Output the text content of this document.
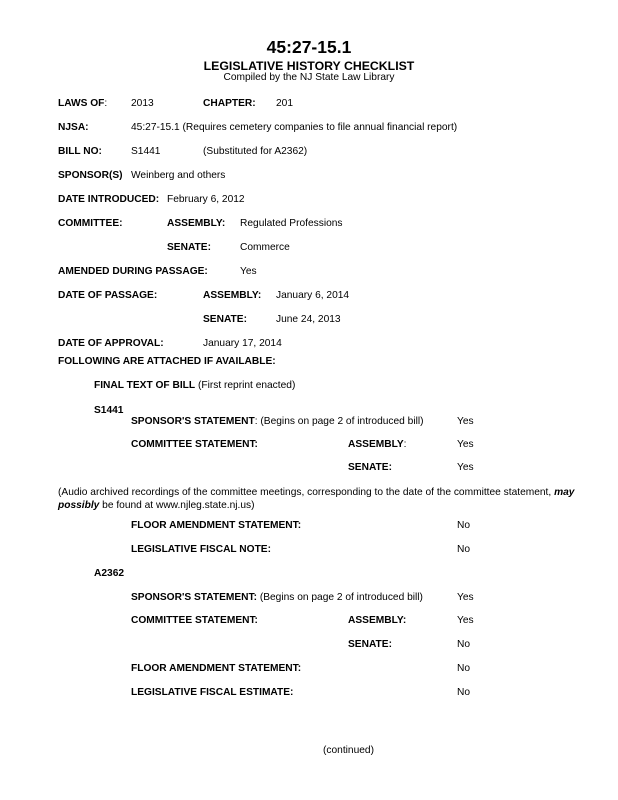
45:27-15.1
LEGISLATIVE HISTORY CHECKLIST
Compiled by the NJ State Law Library
LAWS OF: 2013	CHAPTER: 201
NJSA:	45:27-15.1 (Requires cemetery companies to file annual financial report)
BILL NO:	S1441	(Substituted for A2362)
SPONSOR(S) Weinberg and others
DATE INTRODUCED: February 6, 2012
COMMITTEE:	ASSEMBLY: Regulated Professions
SENATE:	Commerce
AMENDED DURING PASSAGE:	Yes
DATE OF PASSAGE:	ASSEMBLY: January 6, 2014
SENATE:	June 24, 2013
DATE OF APPROVAL:	January 17, 2014
FOLLOWING ARE ATTACHED IF AVAILABLE:
FINAL TEXT OF BILL (First reprint enacted)
S1441
SPONSOR'S STATEMENT: (Begins on page 2 of introduced bill)	Yes
COMMITTEE STATEMENT:	ASSEMBLY:	Yes
SENATE:	Yes
(Audio archived recordings of the committee meetings, corresponding to the date of the committee statement, may possibly be found at www.njleg.state.nj.us)
FLOOR AMENDMENT STATEMENT:	No
LEGISLATIVE FISCAL NOTE:	No
A2362
SPONSOR'S STATEMENT: (Begins on page 2 of introduced bill)	Yes
COMMITTEE STATEMENT:	ASSEMBLY:	Yes
SENATE:	No
FLOOR AMENDMENT STATEMENT:	No
LEGISLATIVE FISCAL ESTIMATE:	No
(continued)
